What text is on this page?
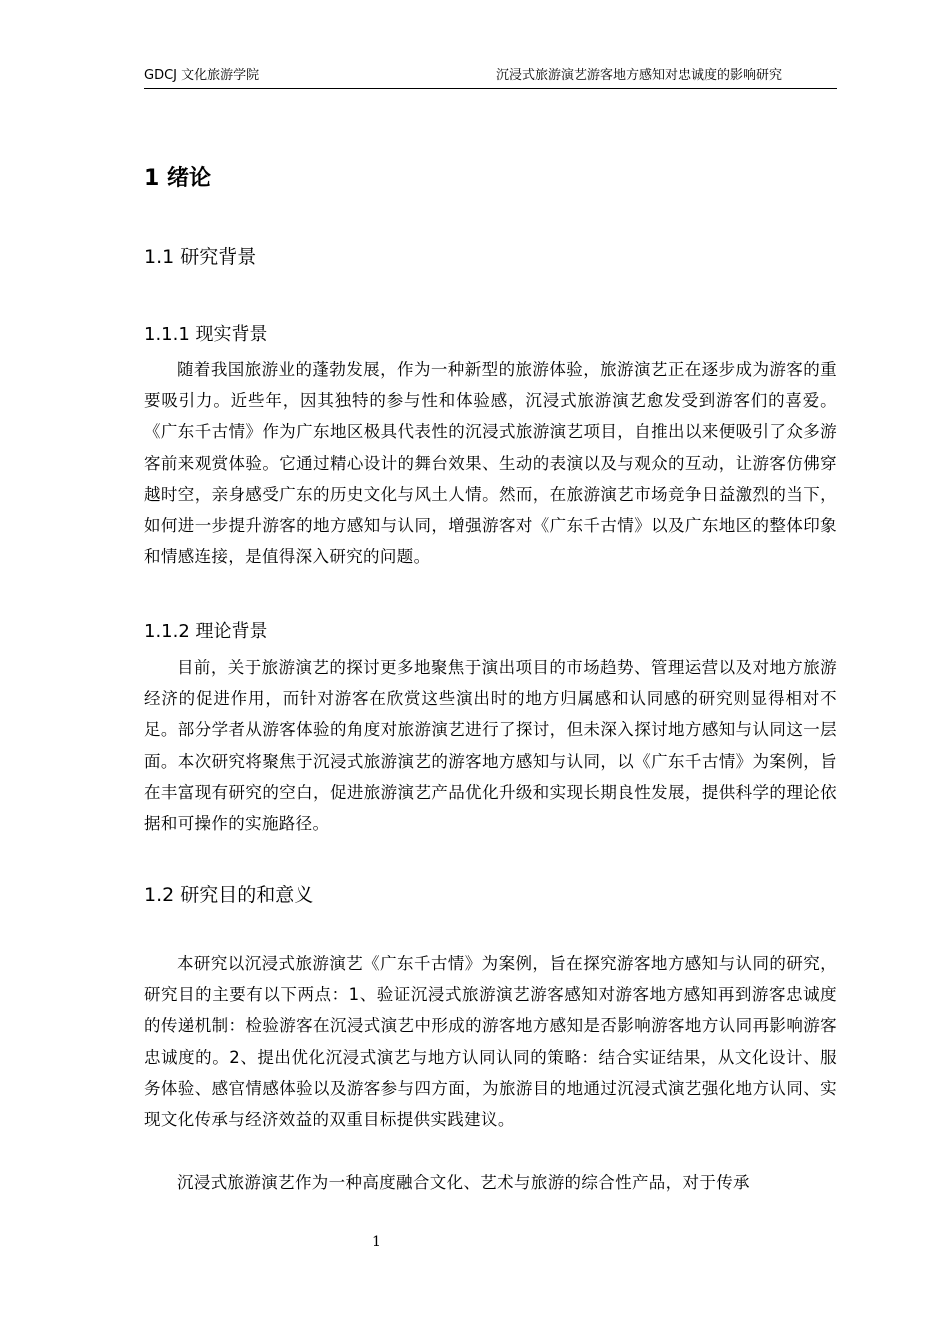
GDCJ 文化旅游学院	沉浸式旅游演艺游客地方感知对忠诚度的影响研究
1 绪论
1.1 研究背景
1.1.1 现实背景

随着我国旅游业的蓬勃发展，作为一种新型的旅游体验，旅游演艺正在逐步成为游客的重要吸引力。近些年，因其独特的参与性和体验感，沉浸式旅游演艺愈发受到游客们的喜爱。《广东千古情》作为广东地区极具代表性的沉浸式旅游演艺项目，自推出以来便吸引了众多游客前来观赏体验。它通过精心设计的舞台效果、生动的表演以及与观众的互动，让游客仿佛穿越时空，亲身感受广东的历史文化与风土人情。然而，在旅游演艺市场竞争日益激烈的当下，如何进一步提升游客的地方感知与认同，增强游客对《广东千古情》以及广东地区的整体印象和情感连接，是值得深入研究的问题。

1.1.2 理论背景

目前，关于旅游演艺的探讨更多地聚焦于演出项目的市场趋势、管理运营以及对地方旅游经济的促进作用，而针对游客在欣赏这些演出时的地方归属感和认同感的研究则显得相对不足。部分学者从游客体验的角度对旅游演艺进行了探讨，但未深入探讨地方感知与认同这一层面。本次研究将聚焦于沉浸式旅游演艺的游客地方感知与认同，以《广东千古情》为案例，旨在丰富现有研究的空白，促进旅游演艺产品优化升级和实现长期良性发展，提供科学的理论依据和可操作的实施路径。

1.2 研究目的和意义

本研究以沉浸式旅游演艺《广东千古情》为案例，旨在探究游客地方感知与认同的研究，研究目的主要有以下两点：1、验证沉浸式旅游演艺游客感知对游客地方感知再到游客忠诚度的传递机制：检验游客在沉浸式演艺中形成的游客地方感知是否影响游客地方认同再影响游客忠诚度的。2、提出优化沉浸式演艺与地方认同认同的策略：结合实证结果，从文化设计、服务体验、感官情感体验以及游客参与四方面，为旅游目的地通过沉浸式演艺强化地方认同、实现文化传承与经济效益的双重目标提供实践建议。

沉浸式旅游演艺作为一种高度融合文化、艺术与旅游的综合性产品，对于传承

1
